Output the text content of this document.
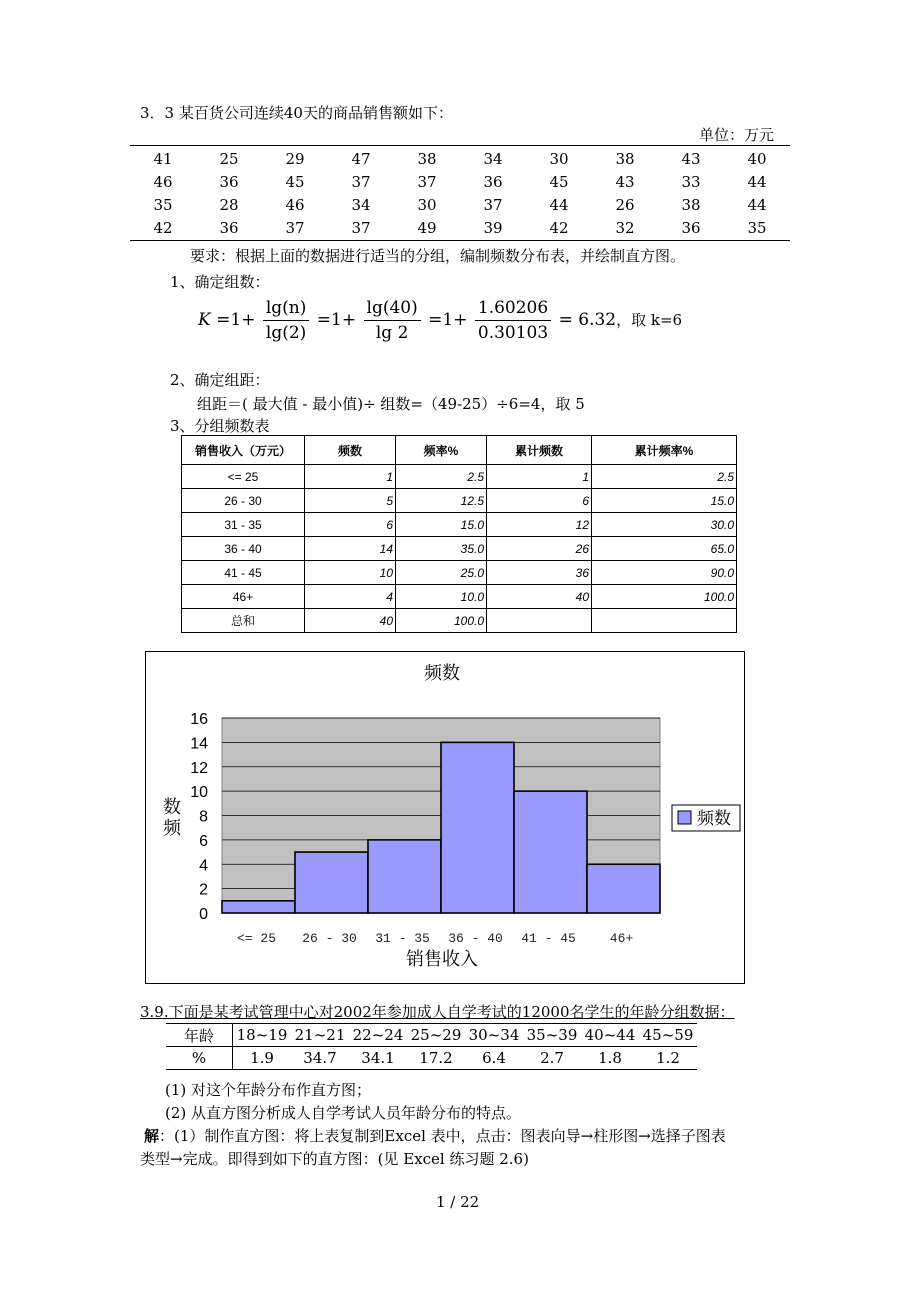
3．3 某百货公司连续40天的商品销售额如下：
单位：万元
41	25	29	47	38	34	30	38	43	40
46	36	45	37	37	36	45	43	33	44
35	28	46	34	30	37	44	26	38	44
42	36	37	37	49	39	42	32	36	35
要求：根据上面的数据进行适当的分组，编制频数分布表，并绘制直方图。
1、确定组数：
$K =1+ \frac{\lg(n)}{\lg(2)} =1+ \frac{\lg(40)}{\lg 2} =1+ \frac{1.60206}{0.30103} = 6.32$，取 k=6
2、确定组距：
组距＝( 最大值 - 最小值)÷ 组数=（49-25）÷6=4，取 5
3、分组频数表
销售收入（万元）	频数	频率%	累计频数	累计频率%
<= 25	1	2.5	1	2.5
26 - 30	5	12.5	6	15.0
31 - 35	6	15.0	12	30.0
36 - 40	14	35.0	26	65.0
41 - 45	10	25.0	36	90.0
46+	4	10.0	40	100.0
总和	40	100.0		
0
2
4
6
8
10
12
14
16
<= 25 26 - 30 31 - 35 36 - 40 41 - 45	46+
频数
销售收入
数频	频数
3.9.下面是某考试管理中心对2002年参加成人自学考试的12000名学生的年龄分组数据：
年龄	18~19	21~21	22~24	25~29	30~34	35~39	40~44	45~59
%	1.9	34.7	34.1	17.2	6.4	2.7	1.8	1.2
(1) 对这个年龄分布作直方图；
(2) 从直方图分析成人自学考试人员年龄分布的特点。
解：(1）制作直方图：将上表复制到Excel 表中，点击：图表向导→柱形图→选择子图表
类型→完成。即得到如下的直方图：(见 Excel 练习题 2.6)
1 / 22
